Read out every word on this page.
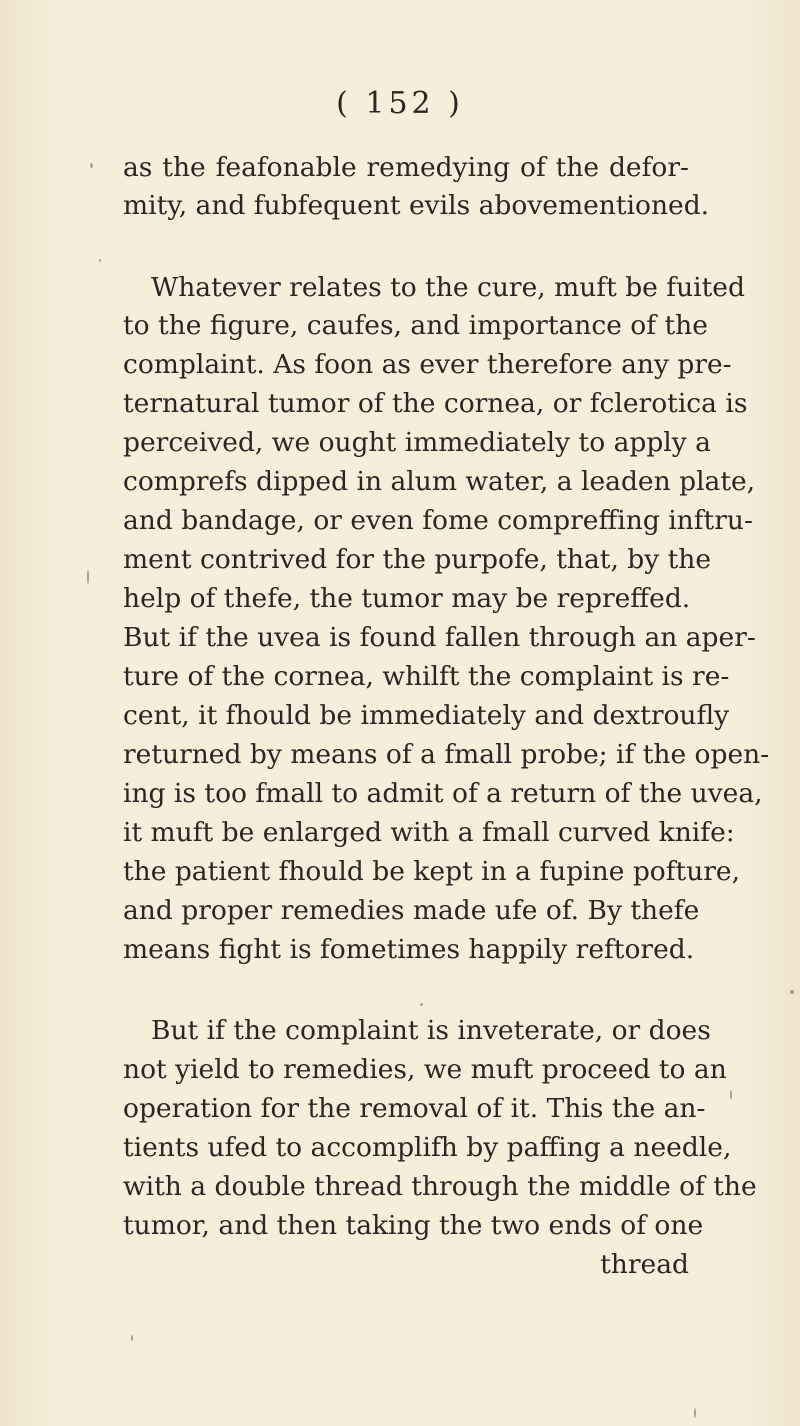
( 152 )
as the feafonable remedying of the defor-
mity, and fubfequent evils abovementioned.
Whatever relates to the cure, muft be fuited
to the figure, caufes, and importance of the
complaint. As foon as ever therefore any pre-
ternatural tumor of the cornea, or fclerotica is
perceived, we ought immediately to apply a
comprefs dipped in alum water, a leaden plate,
and bandage, or even fome compreffing inftru-
ment contrived for the purpofe, that, by the
help of thefe, the tumor may be repreffed.
But if the uvea is found fallen through an aper-
ture of the cornea, whilft the complaint is re-
cent, it fhould be immediately and dextroufly
returned by means of a fmall probe; if the open-
ing is too fmall to admit of a return of the uvea,
it muft be enlarged with a fmall curved knife:
the patient fhould be kept in a fupine pofture,
and proper remedies made ufe of. By thefe
means fight is fometimes happily reftored.
But if the complaint is inveterate, or does
not yield to remedies, we muft proceed to an
operation for the removal of it. This the an-
tients ufed to accomplifh by paffing a needle,
with a double thread through the middle of the
tumor, and then taking the two ends of one
thread
